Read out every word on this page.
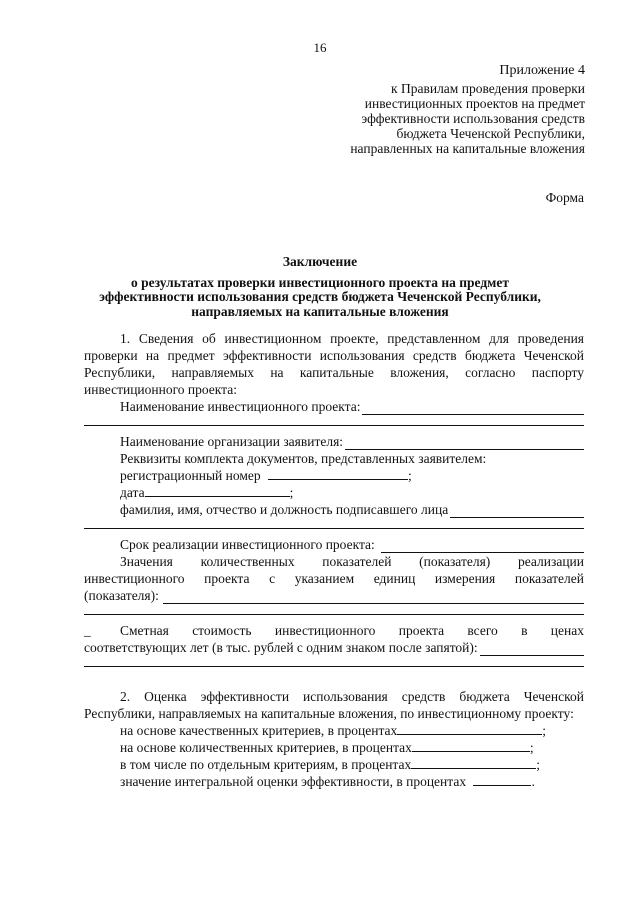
16
Приложение 4
к Правилам проведения проверки
инвестиционных проектов на предмет
эффективности использования средств
бюджета Чеченской Республики,
направленных на капитальные вложения
Форма
Заключение
о результатах проверки инвестиционного проекта на предмет
эффективности использования средств бюджета Чеченской Республики,
направляемых на капитальные вложения
1. Сведения об инвестиционном проекте, представленном для проведения проверки на предмет эффективности использования средств бюджета Чеченской Республики, направляемых на капитальные вложения, согласно паспорту инвестиционного проекта:
Наименование инвестиционного проекта:
Наименование организации заявителя:
Реквизиты комплекта документов, представленных заявителем:
регистрационный номер	;
дата	;
фамилия, имя, отчество и должность подписавшего лица
Срок реализации инвестиционного проекта:
Значения количественных показателей (показателя) реализации
инвестиционного проекта с указанием единиц измерения показателей
(показателя):
_	Сметная стоимость инвестиционного проекта всего в ценах
соответствующих лет (в тыс. рублей с одним знаком после запятой):
2. Оценка эффективности использования средств бюджета Чеченской Республики, направляемых на капитальные вложения, по инвестиционному проекту:
на основе качественных критериев, в процентах	;
на основе количественных критериев, в процентах	;
в том числе по отдельным критериям, в процентах	;
значение интегральной оценки эффективности, в процентах	.
